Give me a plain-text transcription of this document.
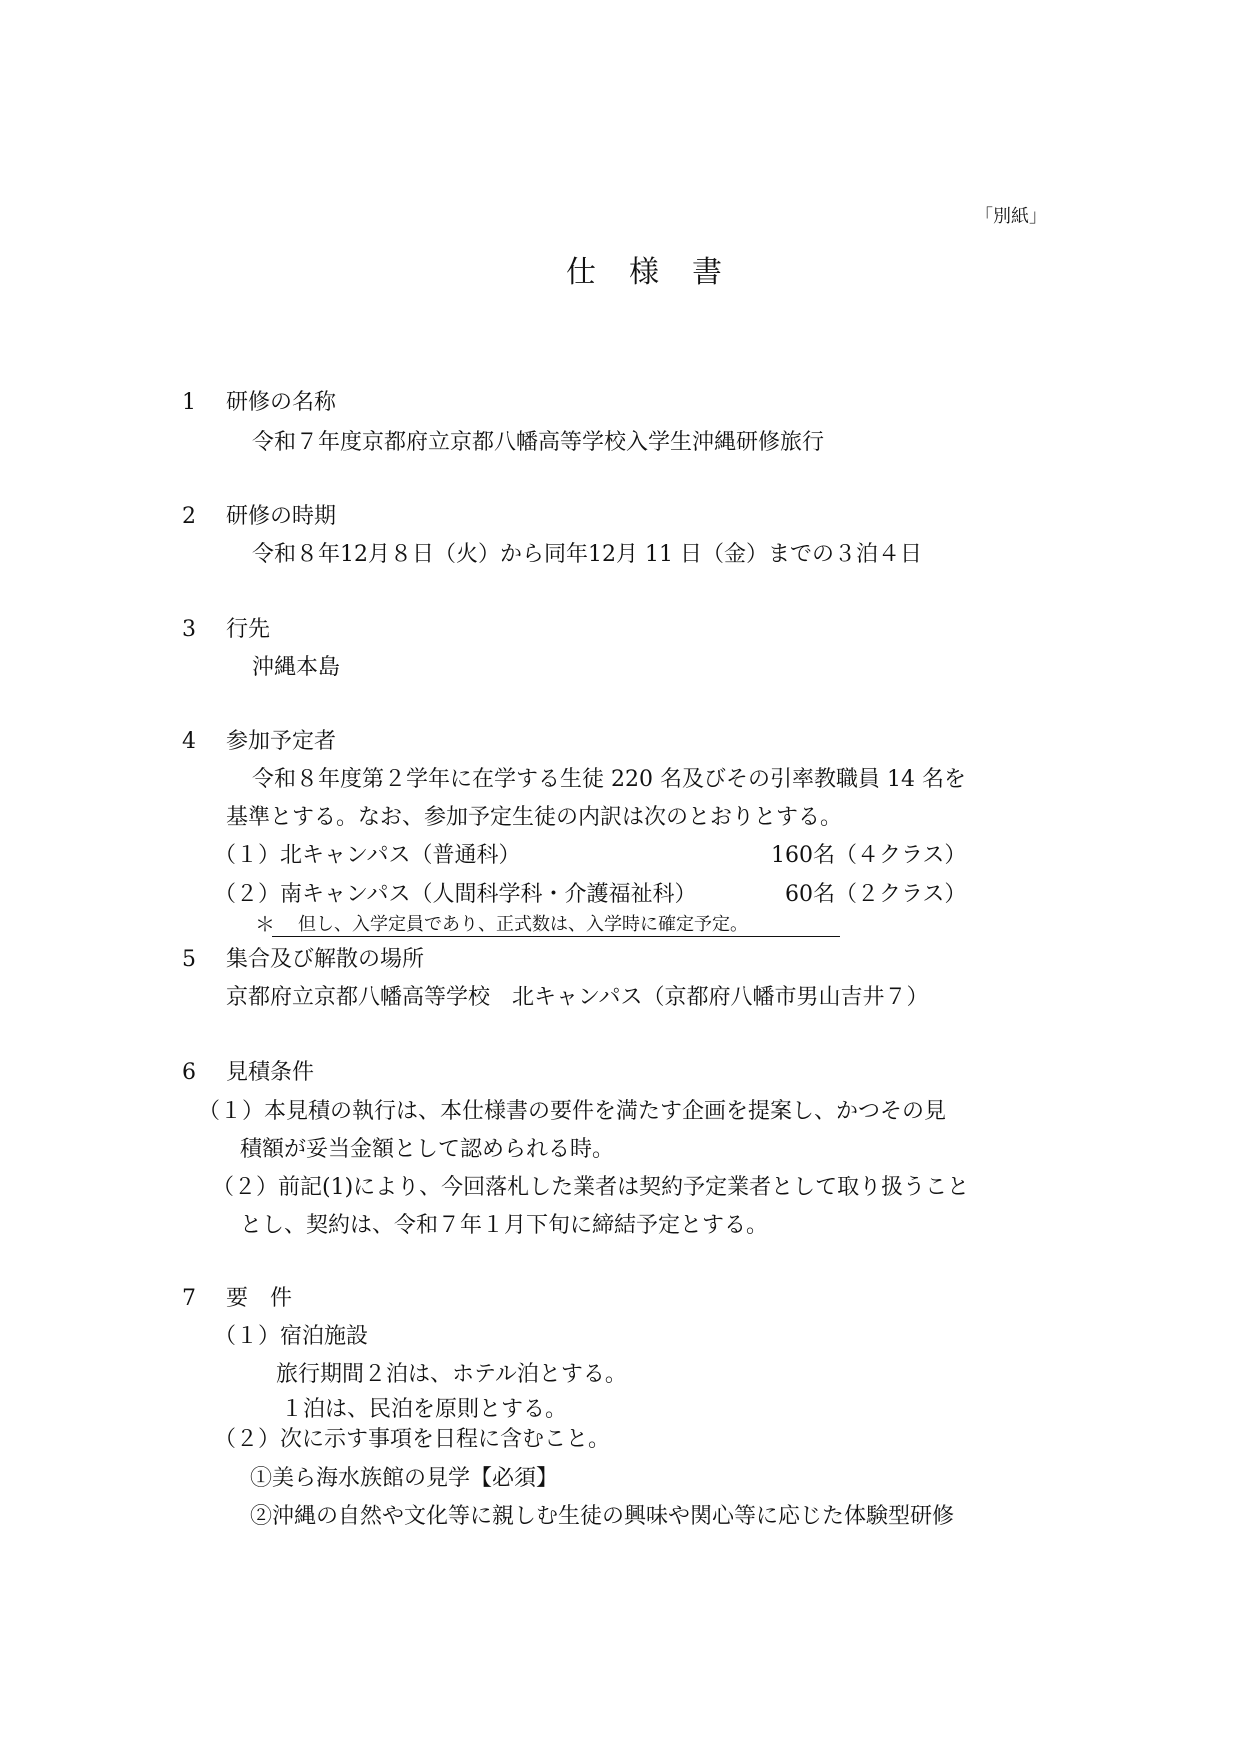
「別紙」
仕様書
1 研修の名称
令和７年度京都府立京都八幡高等学校入学生沖縄研修旅行
2 研修の時期
令和８年12月８日（火）から同年12月 11 日（金）までの３泊４日
3 行先
沖縄本島
4 参加予定者
令和８年度第２学年に在学する生徒 220 名及びその引率教職員 14 名を
基準とする。なお、参加予定生徒の内訳は次のとおりとする。
（１）北キャンパス（普通科）	160名（４クラス）
（２）南キャンパス（人間科学科・介護福祉科）	60名（２クラス）
＊ 但し、入学定員であり、正式数は、入学時に確定予定。
5 集合及び解散の場所
京都府立京都八幡高等学校　北キャンパス（京都府八幡市男山吉井７）
6 見積条件
（１）本見積の執行は、本仕様書の要件を満たす企画を提案し、かつその見
積額が妥当金額として認められる時。
（２）前記(1)により、今回落札した業者は契約予定業者として取り扱うこと
とし、契約は、令和７年１月下旬に締結予定とする。
7 要　件
（１）宿泊施設
旅行期間２泊は、ホテル泊とする。
１泊は、民泊を原則とする。
（２）次に示す事項を日程に含むこと。
①美ら海水族館の見学【必須】
②沖縄の自然や文化等に親しむ生徒の興味や関心等に応じた体験型研修
